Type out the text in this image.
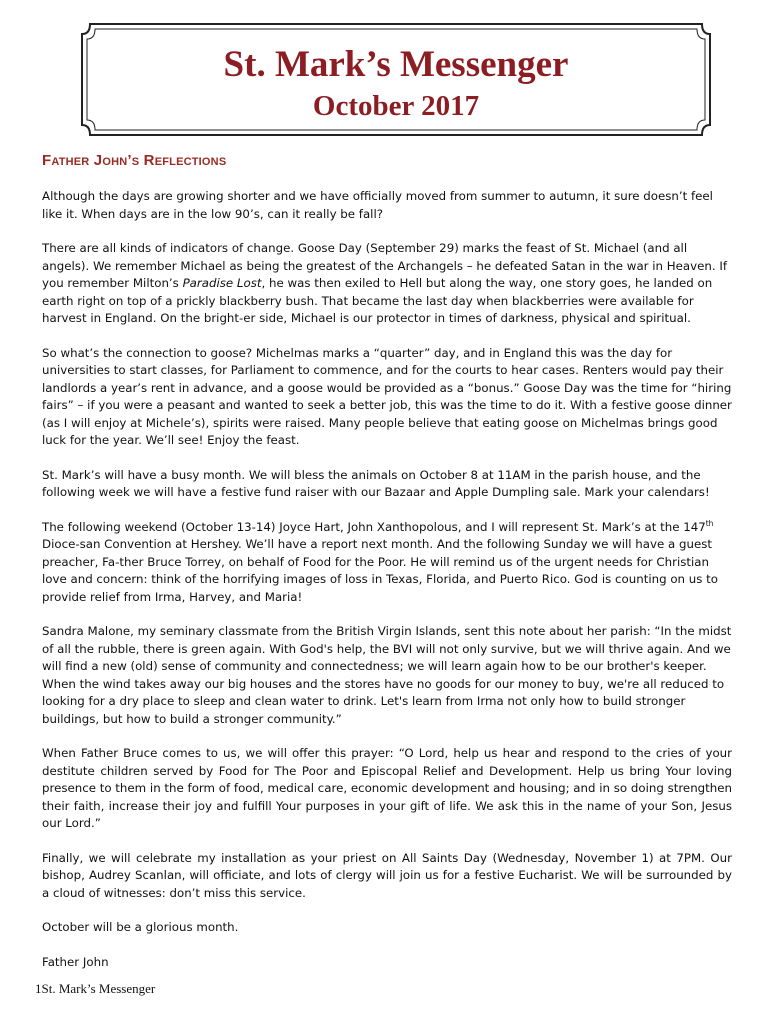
St. Mark’s Messenger
October 2017
Father John’s Reflections

Although the days are growing shorter and we have officially moved from summer to autumn, it sure doesn’t feel like it. When days are in the low 90’s, can it really be fall?

There are all kinds of indicators of change. Goose Day (September 29) marks the feast of St. Michael (and all angels). We remember Michael as being the greatest of the Archangels – he defeated Satan in the war in Heaven. If you remember Milton’s Paradise Lost, he was then exiled to Hell but along the way, one story goes, he landed on earth right on top of a prickly blackberry bush. That became the last day when blackberries were available for harvest in England. On the bright-er side, Michael is our protector in times of darkness, physical and spiritual.

So what’s the connection to goose? Michelmas marks a “quarter” day, and in England this was the day for universities to start classes, for Parliament to commence, and for the courts to hear cases. Renters would pay their landlords a year’s rent in advance, and a goose would be provided as a “bonus.” Goose Day was the time for “hiring fairs” – if you were a peasant and wanted to seek a better job, this was the time to do it. With a festive goose dinner (as I will enjoy at Michele’s), spirits were raised. Many people believe that eating goose on Michelmas brings good luck for the year. We’ll see! Enjoy the feast.

St. Mark’s will have a busy month. We will bless the animals on October 8 at 11AM in the parish house, and the following week we will have a festive fund raiser with our Bazaar and Apple Dumpling sale. Mark your calendars!

The following weekend (October 13-14) Joyce Hart, John Xanthopolous, and I will represent St. Mark’s at the 147th Dioce-san Convention at Hershey. We’ll have a report next month. And the following Sunday we will have a guest preacher, Fa-ther Bruce Torrey, on behalf of Food for the Poor. He will remind us of the urgent needs for Christian love and concern: think of the horrifying images of loss in Texas, Florida, and Puerto Rico. God is counting on us to provide relief from Irma, Harvey, and Maria!

Sandra Malone, my seminary classmate from the British Virgin Islands, sent this note about her parish: “In the midst of all the rubble, there is green again. With God's help, the BVI will not only survive, but we will thrive again. And we will find a new (old) sense of community and connectedness; we will learn again how to be our brother's keeper. When the wind takes away our big houses and the stores have no goods for our money to buy, we're all reduced to looking for a dry place to sleep and clean water to drink. Let's learn from Irma not only how to build stronger buildings, but how to build a stronger community.”

When Father Bruce comes to us, we will offer this prayer: “O Lord, help us hear and respond to the cries of your destitute children served by Food for The Poor and Episcopal Relief and Development. Help us bring Your loving presence to them in the form of food, medical care, economic development and housing; and in so doing strengthen their faith, increase their joy and fulfill Your purposes in your gift of life. We ask this in the name of your Son, Jesus our Lord.”

Finally, we will celebrate my installation as your priest on All Saints Day (Wednesday, November 1) at 7PM. Our bishop, Audrey Scanlan, will officiate, and lots of clergy will join us for a festive Eucharist. We will be surrounded by a cloud of witnesses: don’t miss this service.

October will be a glorious month.

Father John

1St. Mark’s Messenger
